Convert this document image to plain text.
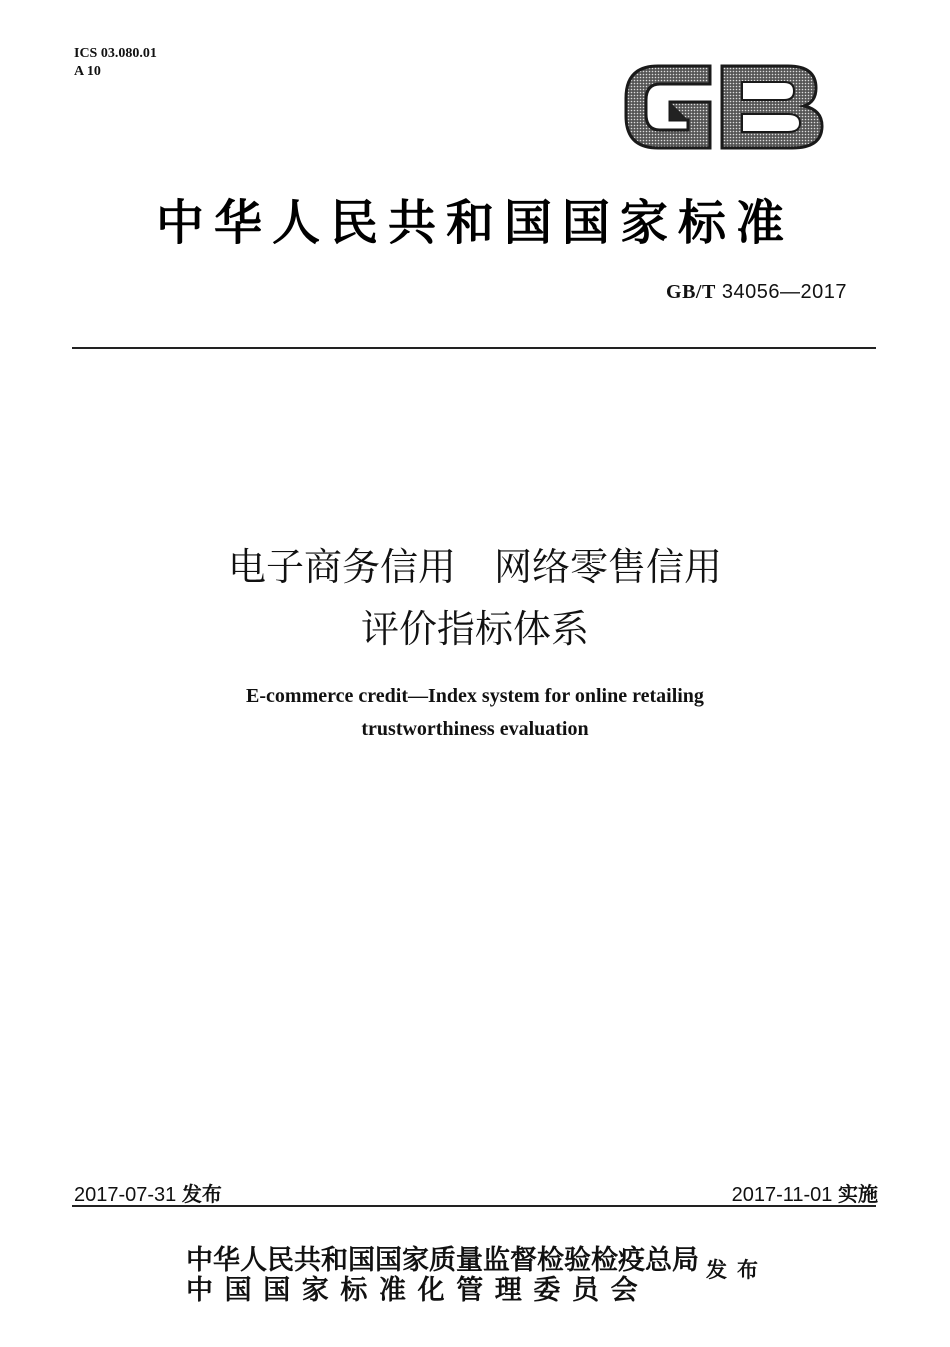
ICS 03.080.01
A 10
中华人民共和国国家标准
GB/T 34056—2017
电子商务信用　网络零售信用
评价指标体系
E-commerce credit—Index system for online retailing
trustworthiness evaluation
2017-07-31 发布	2017-11-01 实施
中华人民共和国国家质量监督检验检疫总局
中国国家标准化管理委员会
发布
